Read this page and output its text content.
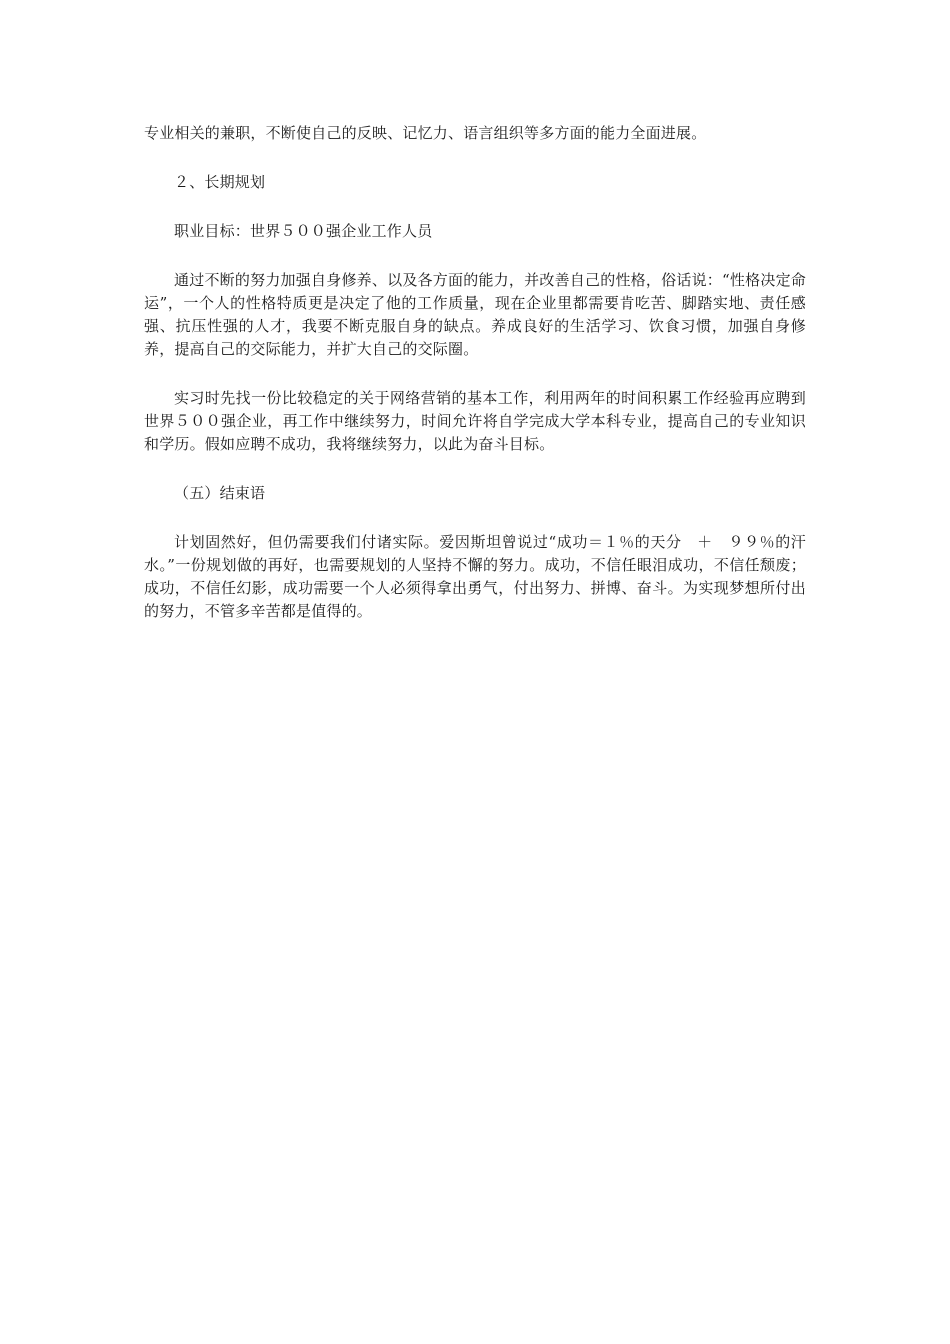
专业相关的兼职，不断使自己的反映、记忆力、语言组织等多方面的能力全面进展。

２、长期规划

职业目标：世界５００强企业工作人员

通过不断的努力加强自身修养、以及各方面的能力，并改善自己的性格，俗话说：“性格决定命运”，一个人的性格特质更是决定了他的工作质量，现在企业里都需要肯吃苦、脚踏实地、责任感强、抗压性强的人才，我要不断克服自身的缺点。养成良好的生活学习、饮食习惯，加强自身修养，提高自己的交际能力，并扩大自己的交际圈。

实习时先找一份比较稳定的关于网络营销的基本工作，利用两年的时间积累工作经验再应聘到世界５００强企业，再工作中继续努力，时间允许将自学完成大学本科专业，提高自己的专业知识和学历。假如应聘不成功，我将继续努力，以此为奋斗目标。

（五）结束语

计划固然好，但仍需要我们付诸实际。爱因斯坦曾说过“成功＝１％的天分　＋　９９％的汗水。”一份规划做的再好，也需要规划的人坚持不懈的努力。成功，不信任眼泪成功，不信任颓废；成功，不信任幻影，成功需要一个人必须得拿出勇气，付出努力、拼博、奋斗。为实现梦想所付出的努力，不管多辛苦都是值得的。
